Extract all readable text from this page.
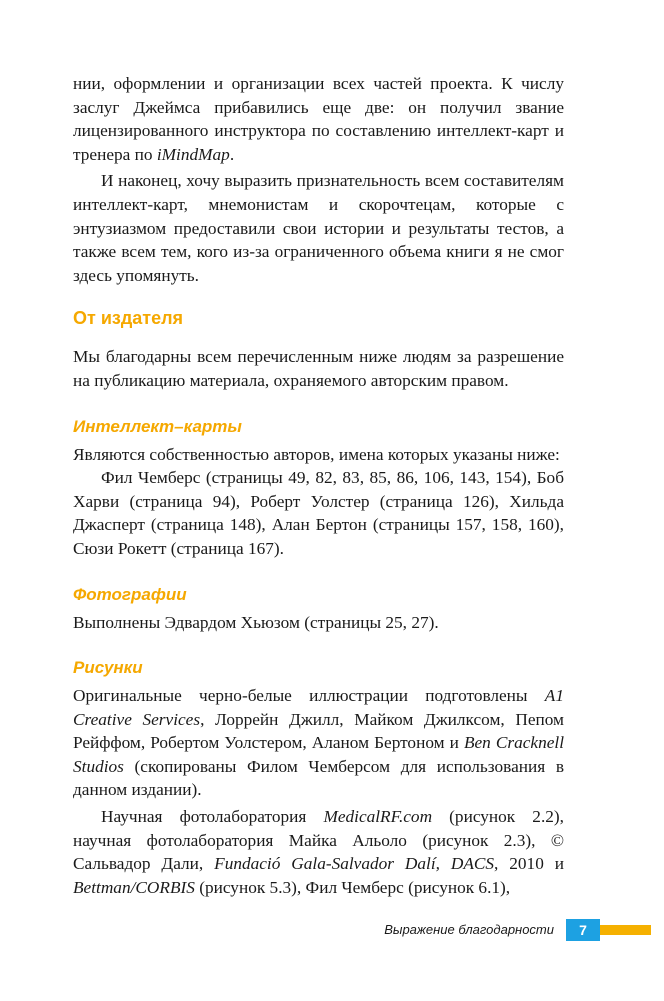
нии, оформлении и организации всех частей проекта. К числу заслуг Джеймса прибавились еще две: он получил звание лицензированного инструктора по составлению интеллект-карт и тренера по iMindMap.

И наконец, хочу выразить признательность всем составителям интеллект-карт, мнемонистам и скорочтецам, которые с энтузиазмом предоставили свои истории и результаты тестов, а также всем тем, кого из-за ограниченного объема книги я не смог здесь упомянуть.

От издателя

Мы благодарны всем перечисленным ниже людям за разрешение на публикацию материала, охраняемого авторским правом.

Интеллект–карты

Являются собственностью авторов, имена которых указаны ниже:

Фил Чемберс (страницы 49, 82, 83, 85, 86, 106, 143, 154), Боб Харви (страница 94), Роберт Уолстер (страница 126), Хильда Джасперт (страница 148), Алан Бертон (страницы 157, 158, 160), Сюзи Рокетт (страница 167).

Фотографии

Выполнены Эдвардом Хьюзом (страницы 25, 27).

Рисунки

Оригинальные черно-белые иллюстрации подготовлены A1 Creative Services, Лоррейн Джилл, Майком Джилксом, Пепом Рейффом, Робертом Уолстером, Аланом Бертоном и Ben Cracknell Studios (скопированы Филом Чемберсом для использования в данном издании).

Научная фотолаборатория MedicalRF.com (рисунок 2.2), научная фотолаборатория Майка Альоло (рисунок 2.3), © Сальвадор Дали, Fundació Gala-Salvador Dalí, DACS, 2010 и Bettman/CORBIS (рисунок 5.3), Фил Чемберс (рисунок 6.1),

Выражение благодарности	7
